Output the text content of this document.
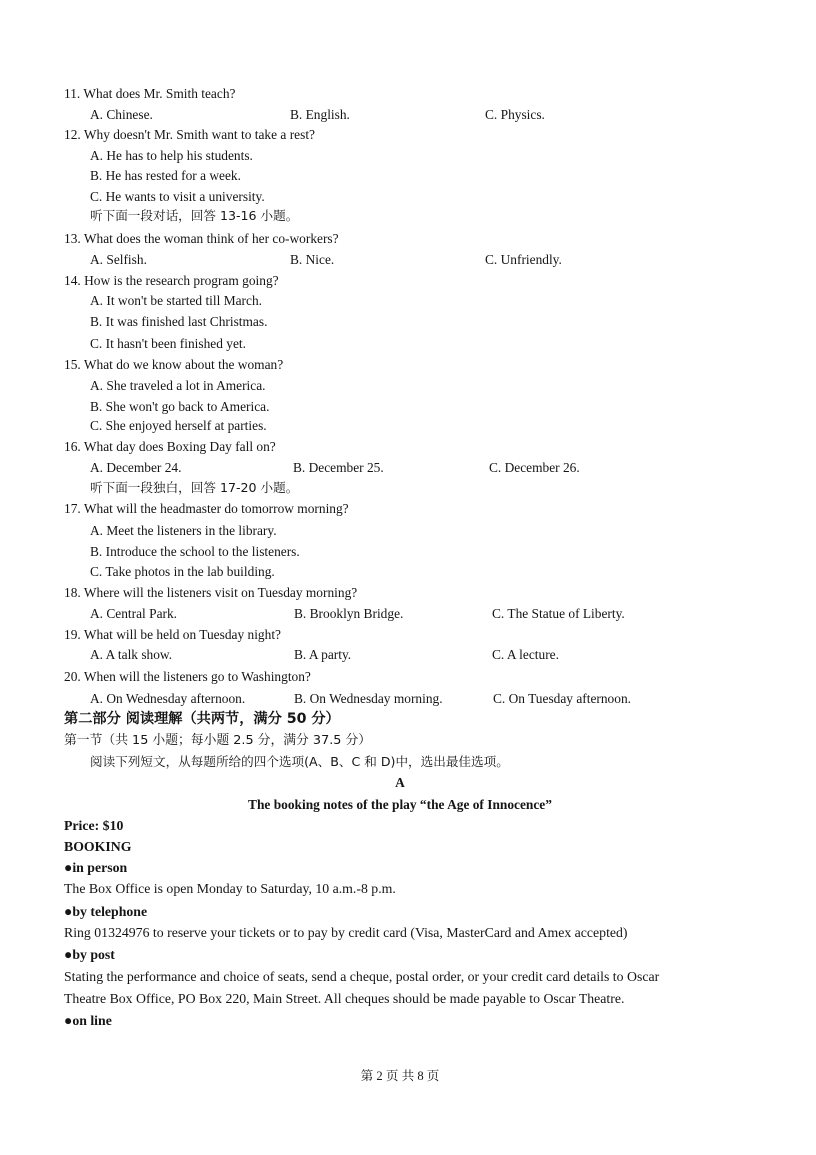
11. What does Mr. Smith teach?
A. Chinese.	B. English.	C. Physics.
12. Why doesn't Mr. Smith want to take a rest?
A. He has to help his students.
B. He has rested for a week.
C. He wants to visit a university.
听下面一段对话，回答 13-16 小题。
13. What does the woman think of her co-workers?
A. Selfish.	B. Nice.	C. Unfriendly.
14. How is the research program going?
A. It won't be started till March.
B. It was finished last Christmas.
C. It hasn't been finished yet.
15. What do we know about the woman?
A. She traveled a lot in America.
B. She won't go back to America.
C. She enjoyed herself at parties.
16. What day does Boxing Day fall on?
A. December 24.	B. December 25.	C. December 26.
听下面一段独白，回答 17-20 小题。
17. What will the headmaster do tomorrow morning?
A. Meet the listeners in the library.
B. Introduce the school to the listeners.
C. Take photos in the lab building.
18. Where will the listeners visit on Tuesday morning?
A. Central Park.	B. Brooklyn Bridge.	C. The Statue of Liberty.
19. What will be held on Tuesday night?
A. A talk show.	B. A party.	C. A lecture.
20. When will the listeners go to Washington?
A. On Wednesday afternoon.	B. On Wednesday morning.	C. On Tuesday afternoon.
第二部分 阅读理解（共两节，满分 50 分）
第一节（共 15 小题；每小题 2.5 分，满分 37.5 分）
阅读下列短文，从每题所给的四个选项(A、B、C 和 D)中，选出最佳选项。
A
The booking notes of the play “the Age of Innocence”
Price: $10
BOOKING
●in person
The Box Office is open Monday to Saturday, 10 a.m.-8 p.m.
●by telephone
Ring 01324976 to reserve your tickets or to pay by credit card (Visa, MasterCard and Amex accepted)
●by post
Stating the performance and choice of seats, send a cheque, postal order, or your credit card details to Oscar
Theatre Box Office, PO Box 220, Main Street. All cheques should be made payable to Oscar Theatre.
●on line
第 2 页 共 8 页
